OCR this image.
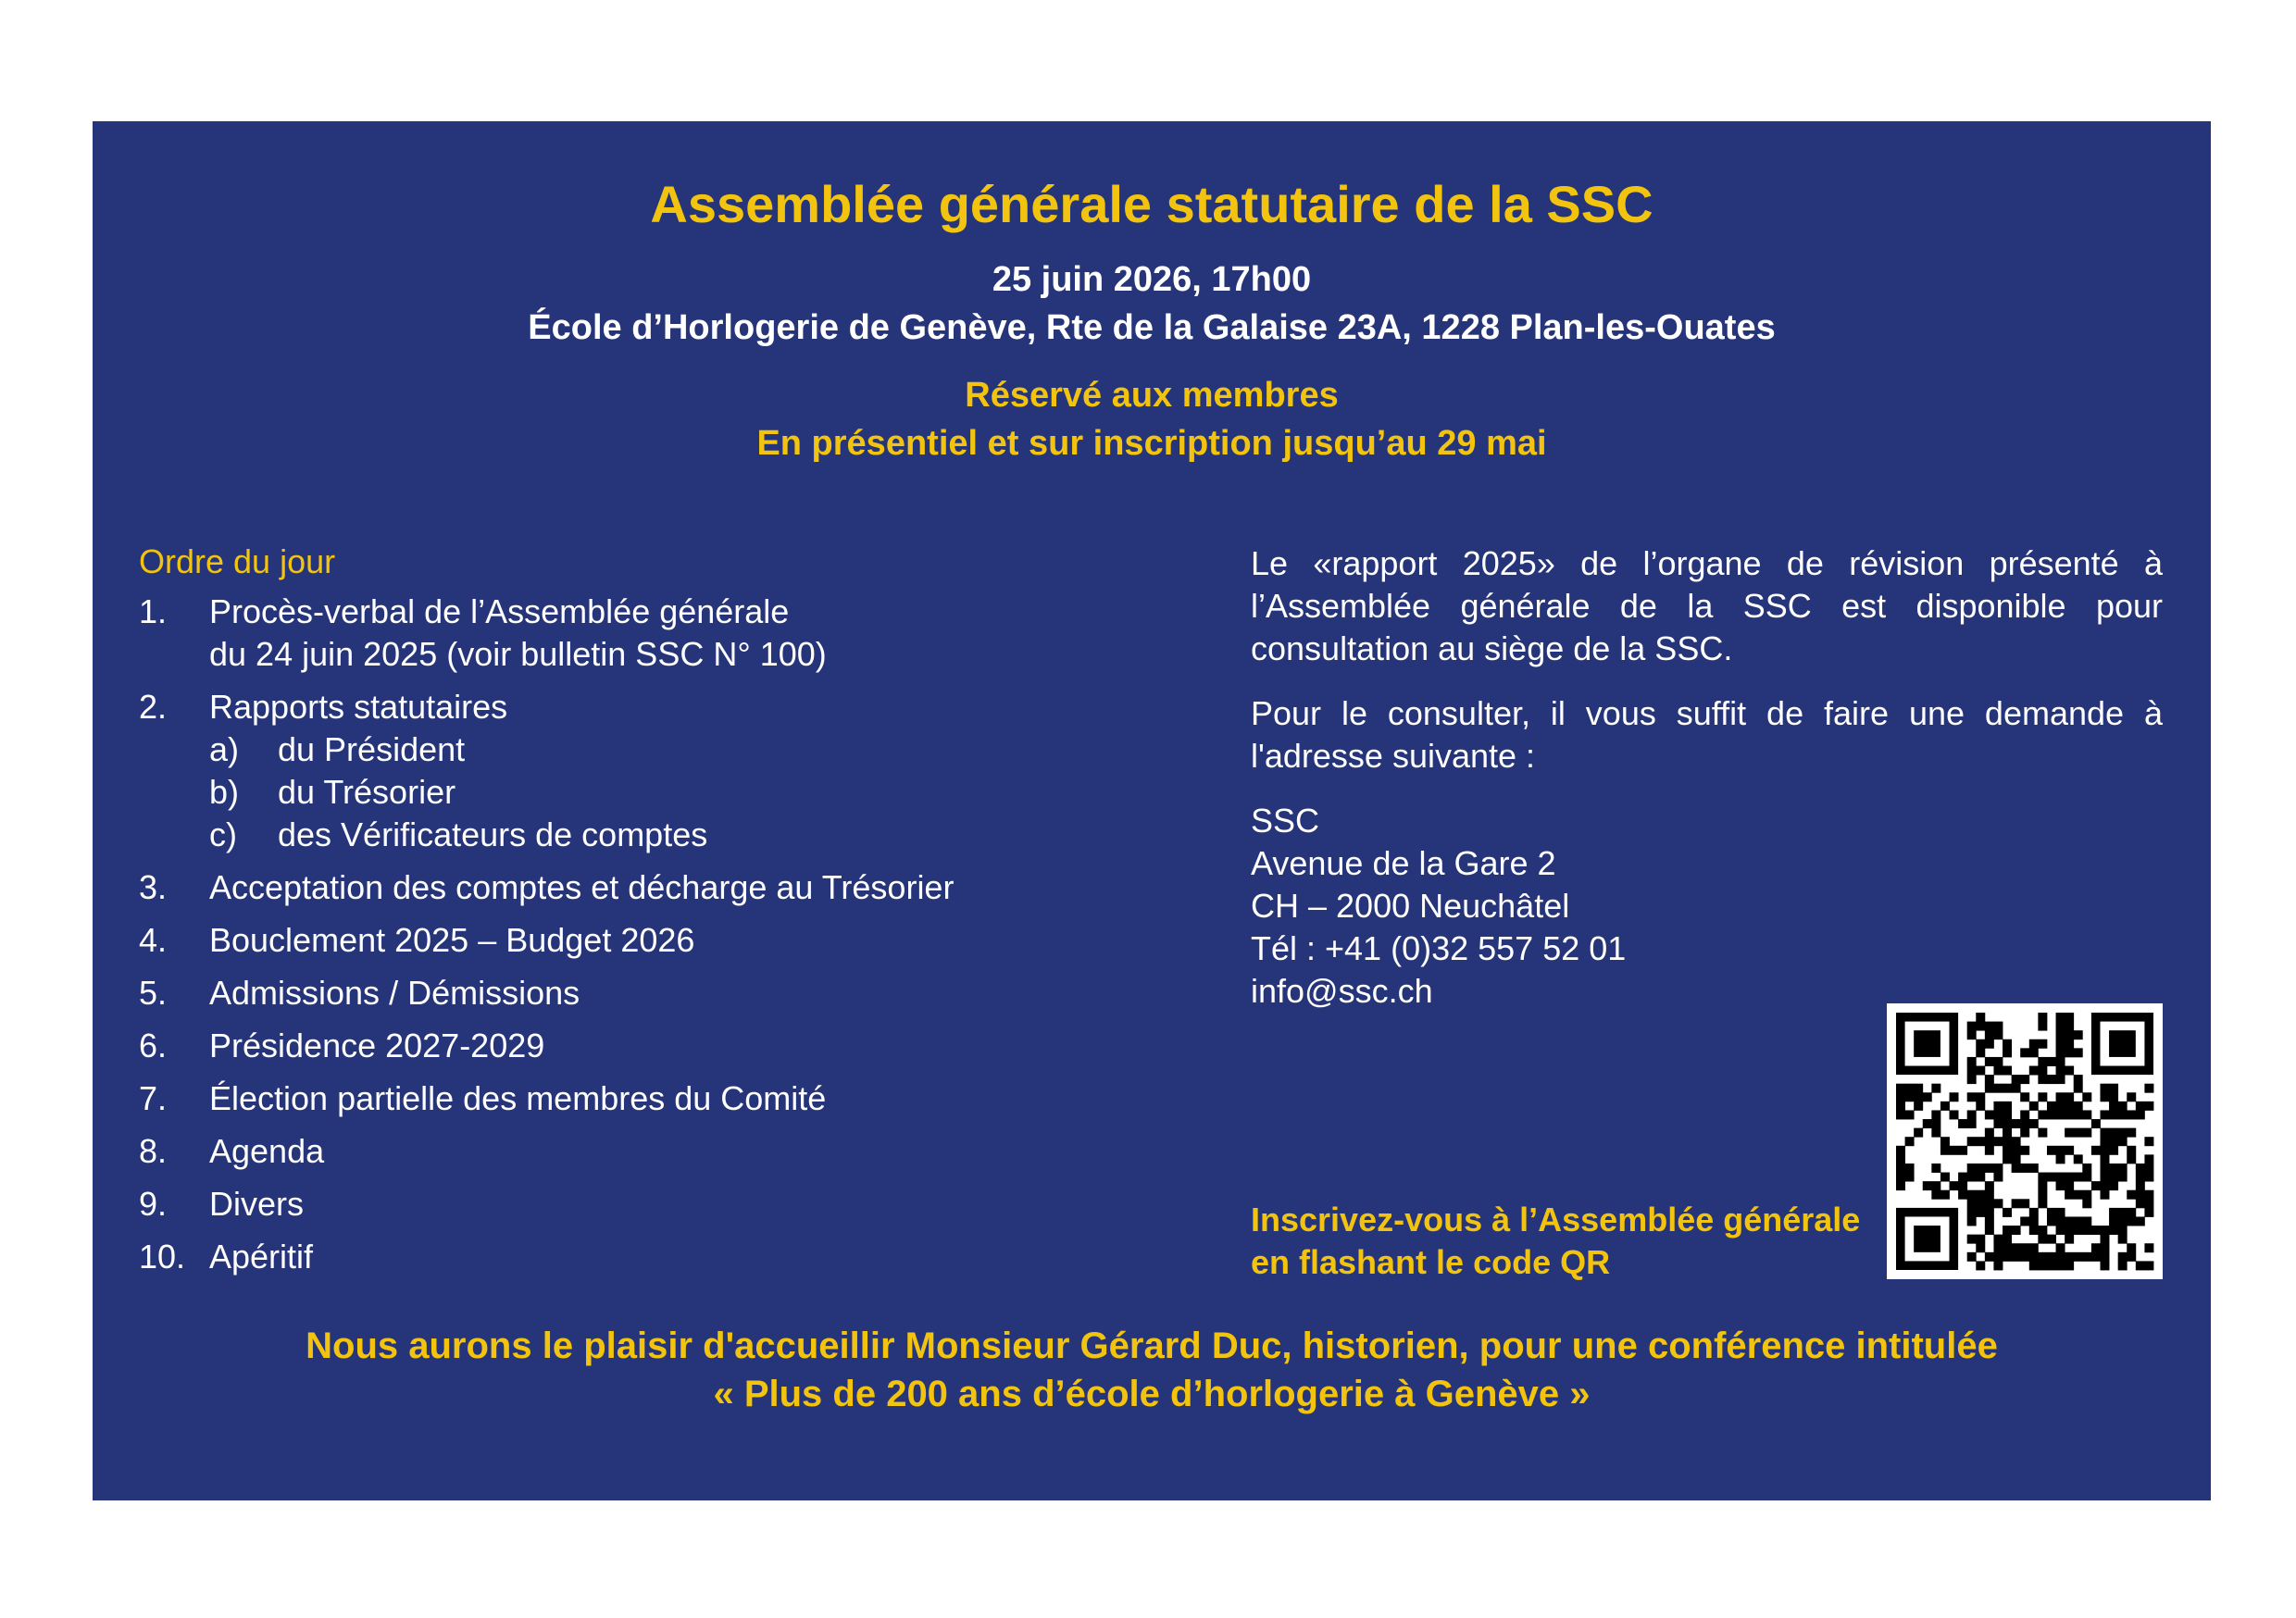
Assemblée générale statutaire de la SSC
25 juin 2026, 17h00
École d’Horlogerie de Genève, Rte de la Galaise 23A, 1228 Plan-les-Ouates
Réservé aux membres
En présentiel et sur inscription jusqu’au 29 mai
Ordre du jour
1.	Procès-verbal de l’Assemblée générale
du 24 juin 2025 (voir bulletin SSC N° 100)
2.	Rapports statutaires
a)	du Président
b)	du Trésorier
c)	des Vérificateurs de comptes
3.	Acceptation des comptes et décharge au Trésorier
4.	Bouclement 2025 – Budget 2026
5.	Admissions / Démissions
6.	Présidence 2027-2029
7.	Élection partielle des membres du Comité
8.	Agenda
9.	Divers
10. Apéritif

Le «rapport 2025» de l’organe de révision présenté à l’Assemblée générale de la SSC est disponible pour consultation au siège de la SSC.

Pour le consulter, il vous suffit de faire une demande à l'adresse suivante :

SSC
Avenue de la Gare 2
CH – 2000 Neuchâtel
Tél : +41 (0)32 557 52 01
info@ssc.ch
Inscrivez-vous à l’Assemblée générale
en flashant le code QR
Nous aurons le plaisir d'accueillir Monsieur Gérard Duc, historien, pour une conférence intitulée
« Plus de 200 ans d’école d’horlogerie à Genève »
